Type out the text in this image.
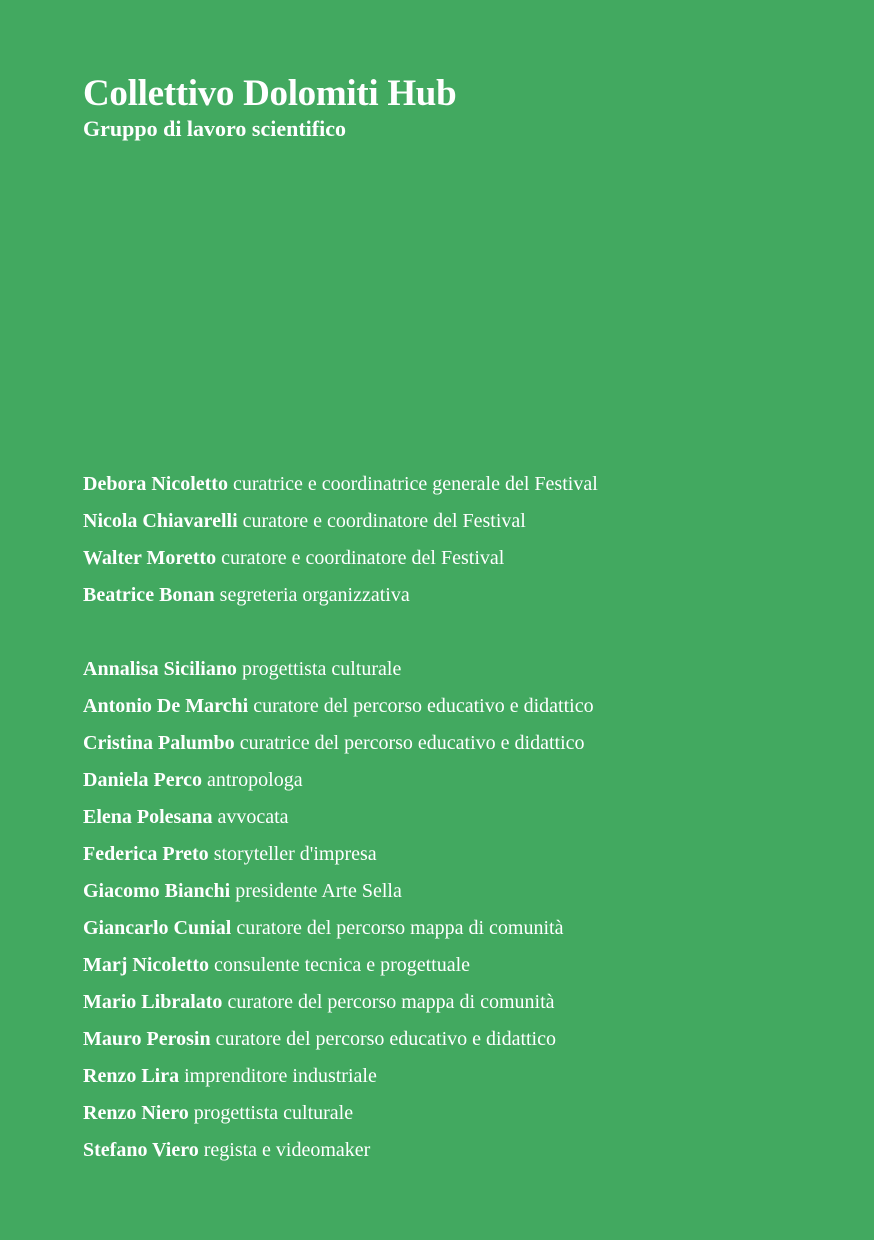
Collettivo Dolomiti Hub
Gruppo di lavoro scientifico
Debora Nicoletto curatrice e coordinatrice generale del Festival
Nicola Chiavarelli curatore e coordinatore del Festival
Walter Moretto curatore e coordinatore del Festival
Beatrice Bonan segreteria organizzativa
Annalisa Siciliano progettista culturale
Antonio De Marchi curatore del percorso educativo e didattico
Cristina Palumbo curatrice del percorso educativo e didattico
Daniela Perco antropologa
Elena Polesana avvocata
Federica Preto storyteller d'impresa
Giacomo Bianchi presidente Arte Sella
Giancarlo Cunial curatore del percorso mappa di comunità
Marj Nicoletto consulente tecnica e progettuale
Mario Libralato curatore del percorso mappa di comunità
Mauro Perosin curatore del percorso educativo e didattico
Renzo Lira imprenditore industriale
Renzo Niero progettista culturale
Stefano Viero regista e videomaker
